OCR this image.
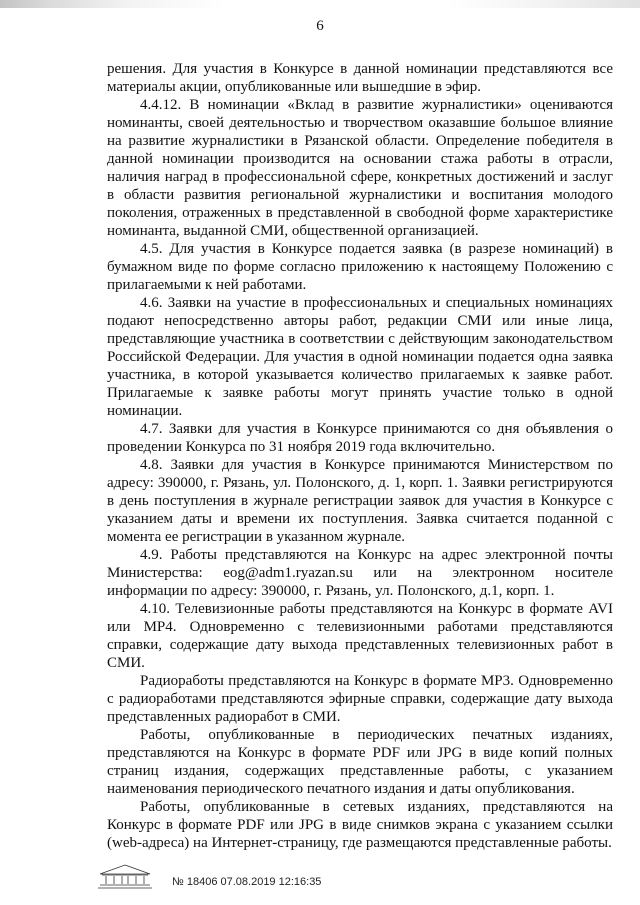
6

решения. Для участия в Конкурсе в данной номинации представляются все материалы акции, опубликованные или вышедшие в эфир.

4.4.12. В номинации «Вклад в развитие журналистики» оцениваются номинанты, своей деятельностью и творчеством оказавшие большое влияние на развитие журналистики в Рязанской области. Определение победителя в данной номинации производится на основании стажа работы в отрасли, наличия наград в профессиональной сфере, конкретных достижений и заслуг в области развития региональной журналистики и воспитания молодого поколения, отраженных в представленной в свободной форме характеристике номинанта, выданной СМИ, общественной организацией.

4.5. Для участия в Конкурсе подается заявка (в разрезе номинаций) в бумажном виде по форме согласно приложению к настоящему Положению с прилагаемыми к ней работами.

4.6. Заявки на участие в профессиональных и специальных номинациях подают непосредственно авторы работ, редакции СМИ или иные лица, представляющие участника в соответствии с действующим законодательством Российской Федерации. Для участия в одной номинации подается одна заявка участника, в которой указывается количество прилагаемых к заявке работ. Прилагаемые к заявке работы могут принять участие только в одной номинации.

4.7. Заявки для участия в Конкурсе принимаются со дня объявления о проведении Конкурса по 31 ноября 2019 года включительно.

4.8. Заявки для участия в Конкурсе принимаются Министерством по адресу: 390000, г. Рязань, ул. Полонского, д. 1, корп. 1. Заявки регистрируются в день поступления в журнале регистрации заявок для участия в Конкурсе с указанием даты и времени их поступления. Заявка считается поданной с момента ее регистрации в указанном журнале.

4.9. Работы представляются на Конкурс на адрес электронной почты Министерства: eog@adm1.ryazan.su или на электронном носителе информации по адресу: 390000, г. Рязань, ул. Полонского, д.1, корп. 1.

4.10. Телевизионные работы представляются на Конкурс в формате AVI или MP4. Одновременно с телевизионными работами представляются справки, содержащие дату выхода представленных телевизионных работ в СМИ.

Радиоработы представляются на Конкурс в формате MP3. Одновременно с радиоработами представляются эфирные справки, содержащие дату выхода представленных радиоработ в СМИ.

Работы, опубликованные в периодических печатных изданиях, представляются на Конкурс в формате PDF или JPG в виде копий полных страниц издания, содержащих представленные работы, с указанием наименования периодического печатного издания и даты опубликования.

Работы, опубликованные в сетевых изданиях, представляются на Конкурс в формате PDF или JPG в виде снимков экрана с указанием ссылки (web-адреса) на Интернет-страницу, где размещаются представленные работы.

№ 18406 07.08.2019 12:16:35
